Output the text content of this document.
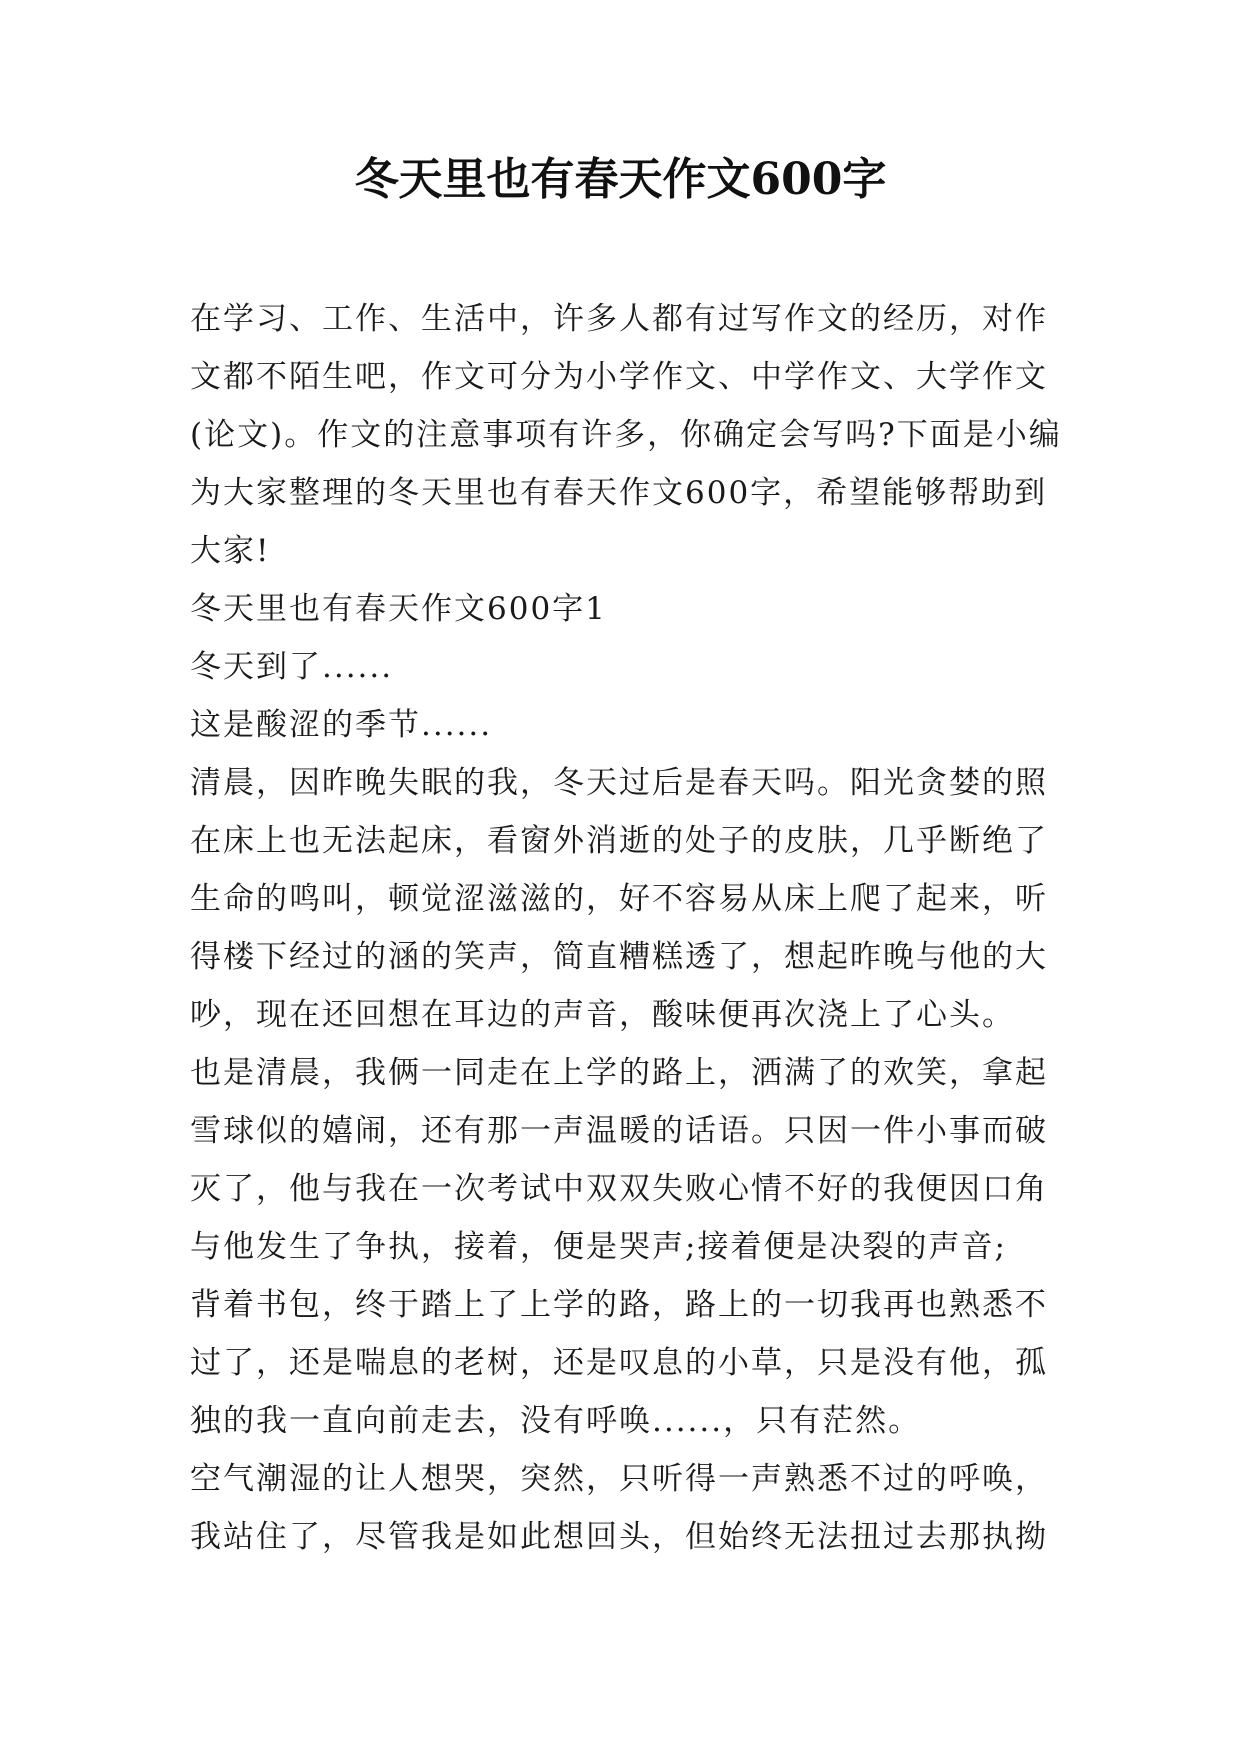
冬天里也有春天作文600字

在学习、工作、生活中，许多人都有过写作文的经历，对作文都不陌生吧，作文可分为小学作文、中学作文、大学作文(论文)。作文的注意事项有许多，你确定会写吗?下面是小编为大家整理的冬天里也有春天作文600字，希望能够帮助到大家!

冬天里也有春天作文600字1

冬天到了......

这是酸涩的季节......

清晨，因昨晚失眠的我，冬天过后是春天吗。阳光贪婪的照在床上也无法起床，看窗外消逝的处子的皮肤，几乎断绝了生命的鸣叫，顿觉涩滋滋的，好不容易从床上爬了起来，听得楼下经过的涵的笑声，简直糟糕透了，想起昨晚与他的大吵，现在还回想在耳边的声音，酸味便再次浇上了心头。

也是清晨，我俩一同走在上学的路上，洒满了的欢笑，拿起雪球似的嬉闹，还有那一声温暖的话语。只因一件小事而破灭了，他与我在一次考试中双双失败心情不好的我便因口角与他发生了争执，接着，便是哭声;接着便是决裂的声音;

背着书包，终于踏上了上学的路，路上的一切我再也熟悉不过了，还是喘息的老树，还是叹息的小草，只是没有他，孤独的我一直向前走去，没有呼唤......，只有茫然。

空气潮湿的让人想哭，突然，只听得一声熟悉不过的呼唤，我站住了，尽管我是如此想回头，但始终无法扭过去那执拗
